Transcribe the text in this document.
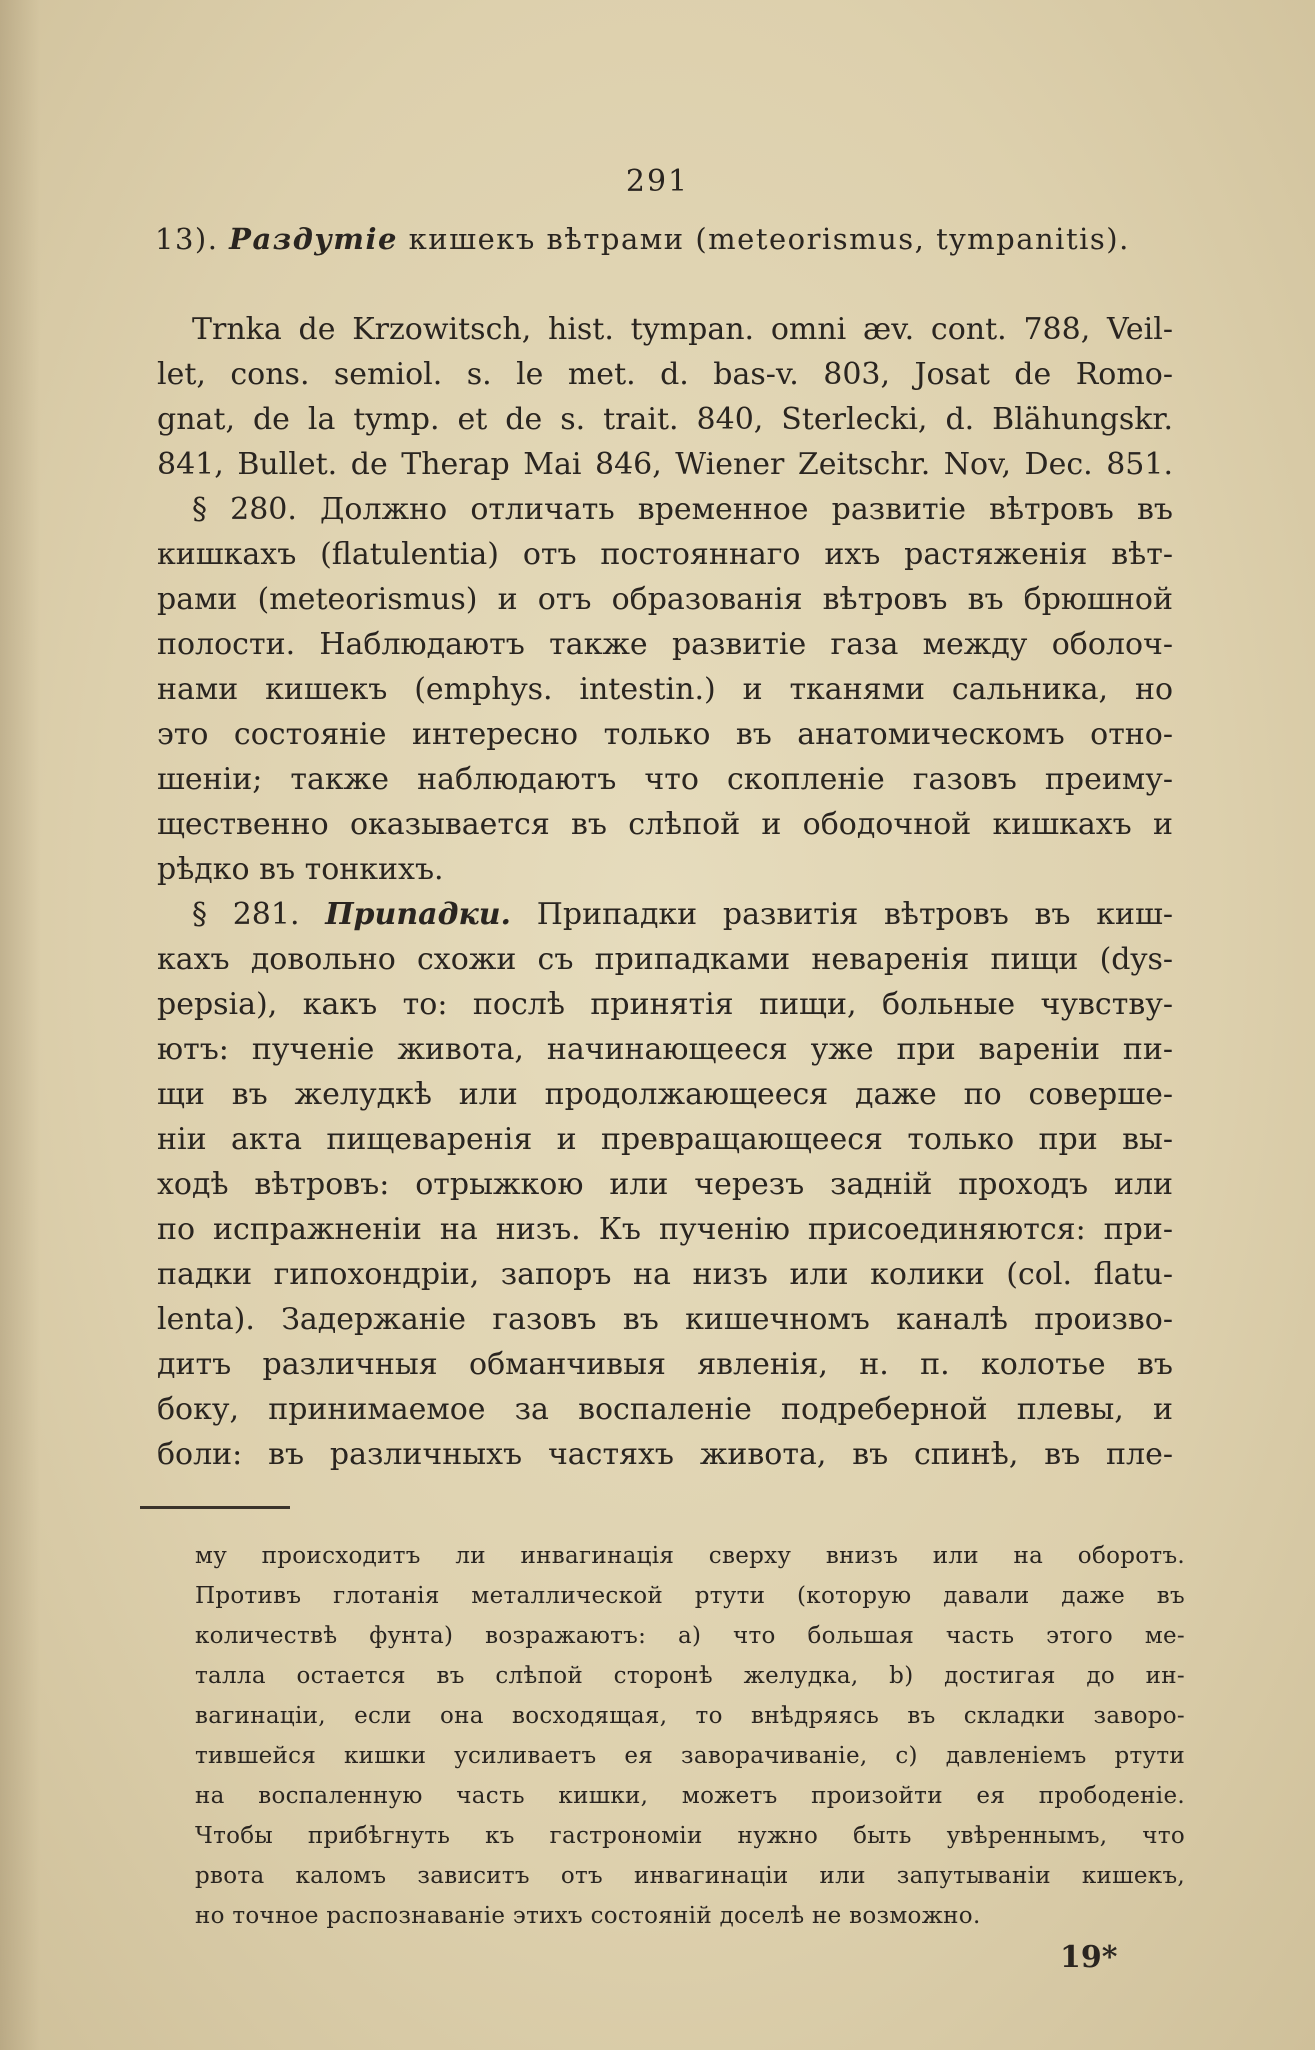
291
13). Раздутіе кишекъ вѣтрами (meteorismus, tympanitis).
Trnka de Krzowitsch, hist. tympan. omni æv. cont. 788, Veil-
let, cons. semiol. s. le met. d. bas-v. 803, Josat de Romo-
gnat, de la tymp. et de s. trait. 840, Sterlecki, d. Blähungskr.
841, Bullet. de Therap Mai 846, Wiener Zeitschr. Nov, Dec. 851.
§ 280. Должно отличать временное развитіе вѣтровъ въ
кишкахъ (flatulentia) отъ постояннаго ихъ растяженія вѣт-
рами (meteorismus) и отъ образованія вѣтровъ въ брюшной
полости. Наблюдаютъ также развитіе газа между оболоч-
нами кишекъ (emphys. intestin.) и тканями сальника, но
это состояніе интересно только въ анатомическомъ отно-
шеніи; также наблюдаютъ что скопленіе газовъ преиму-
щественно оказывается въ слѣпой и ободочной кишкахъ и
рѣдко въ тонкихъ.
§ 281. Припадки. Припадки развитія вѣтровъ въ киш-
кахъ довольно схожи съ припадками неваренія пищи (dys-
pepsia), какъ то: послѣ принятія пищи, больные чувству-
ютъ: пученіе живота, начинающееся уже при вареніи пи-
щи въ желудкѣ или продолжающееся даже по соверше-
ніи акта пищеваренія и превращающееся только при вы-
ходѣ вѣтровъ: отрыжкою или черезъ заднiй проходъ или
по испражненіи на низъ. Къ пученію присоединяются: при-
падки гипохондріи, запоръ на низъ или колики (col. flatu-
lenta). Задержаніе газовъ въ кишечномъ каналѣ произво-
дитъ различныя обманчивыя явленія, н. п. колотье въ
боку, принимаемое за воспаленіе подреберной плевы, и
боли: въ различныхъ частяхъ живота, въ спинѣ, въ пле-
му происходитъ ли инвагинація сверху внизъ или на оборотъ.
Противъ глотанія металлической ртути (которую давали даже въ
количествѣ фунта) возражаютъ: а) что большая часть этого ме-
талла остается въ слѣпой сторонѣ желудка, b) достигая до ин-
вагинаціи, если она восходящая, то внѣдряясь въ складки заворо-
тившейся кишки усиливаетъ ея заворачиваніе, с) давленіемъ ртути
на воспаленную часть кишки, можетъ произойти ея прободеніе.
Чтобы прибѣгнуть къ гастрономіи нужно быть увѣреннымъ, что
рвота каломъ зависитъ отъ инвагинаціи или запутываніи кишекъ,
но точное распознаваніе этихъ состояній доселѣ не возможно.
19*
